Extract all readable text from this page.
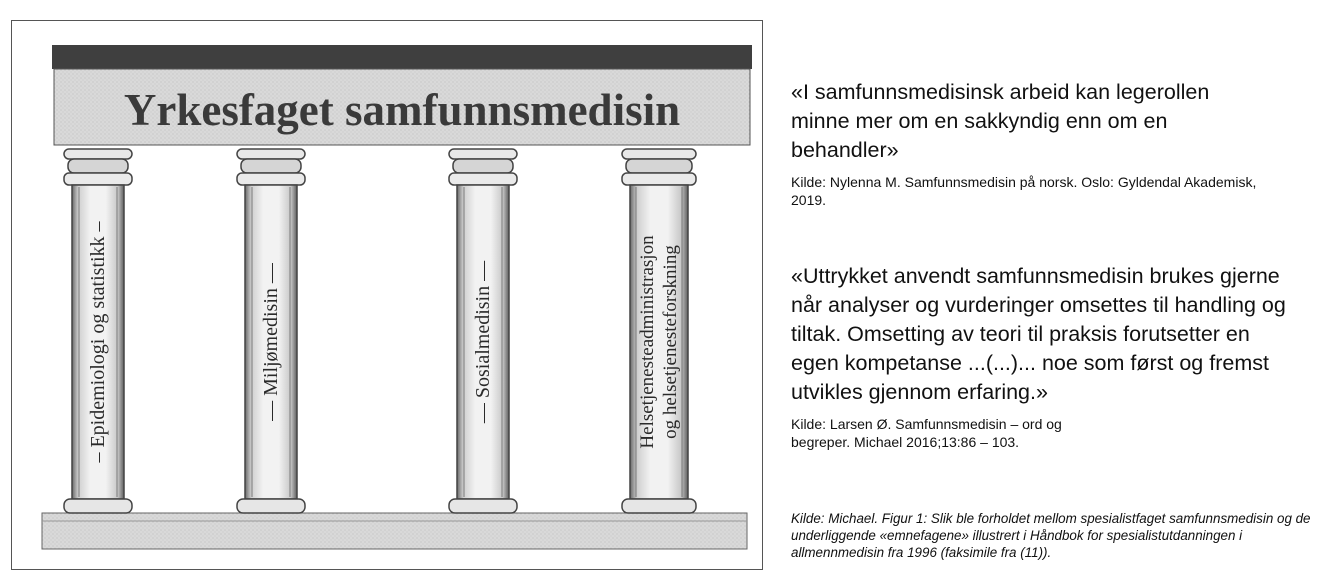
Yrkesfaget samfunnsmedisin
– Epidemiologi og statistikk –	— Miljømedisin —	— Sosialmedisin —	Helsetjenesteadministrasjon og helsetjenesteforskning

«I samfunnsmedisinsk arbeid kan legerollen minne mer om en sakkyndig enn om en behandler»

Kilde: Nylenna M. Samfunnsmedisin på norsk. Oslo: Gyldendal Akademisk, 2019.

«Uttrykket anvendt samfunnsmedisin brukes gjerne når analyser og vurderinger omsettes til handling og tiltak. Omsetting av teori til praksis forutsetter en egen kompetanse ...(...)... noe som først og fremst utvikles gjennom erfaring.»

Kilde: Larsen Ø. Samfunnsmedisin – ord og begreper. Michael 2016;13:86 – 103.

Kilde: Michael. Figur 1: Slik ble forholdet mellom spesialistfaget samfunnsmedisin og de underliggende «emnefagene» illustrert i Håndbok for spesialistutdanningen i allmennmedisin fra 1996 (faksimile fra (11)).
